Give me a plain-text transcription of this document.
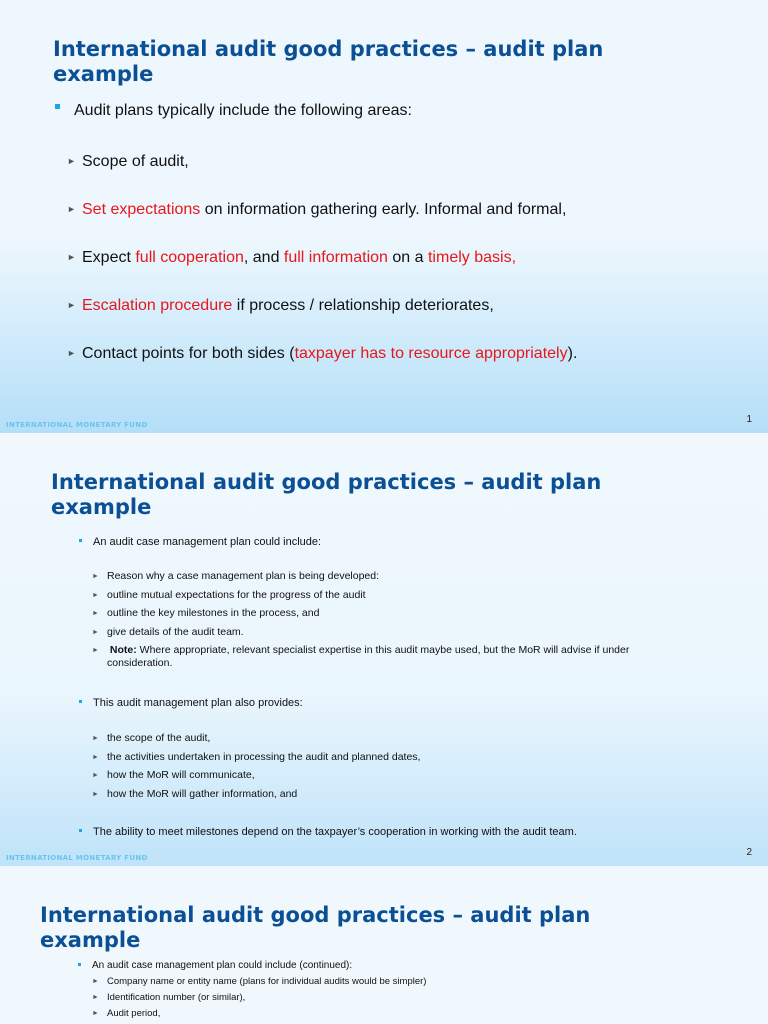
International audit good practices – audit plan
example
Audit plans typically include the following areas:
► Scope of audit,
► Set expectations on information gathering early. Informal and formal,
► Expect full cooperation, and full information on a timely basis,
► Escalation procedure if process / relationship deteriorates,
► Contact points for both sides (taxpayer has to resource appropriately).
INTERNATIONAL MONETARY FUND	1
International audit good practices – audit plan
example
An audit case management plan could include:
► Reason why a case management plan is being developed:
► outline mutual expectations for the progress of the audit
► outline the key milestones in the process, and
► give details of the audit team.
► Note: Where appropriate, relevant specialist expertise in this audit maybe used, but the MoR will advise if under consideration.
This audit management plan also provides:
► the scope of the audit,
► the activities undertaken in processing the audit and planned dates,
► how the MoR will communicate,
► how the MoR will gather information, and
The ability to meet milestones depend on the taxpayer’s cooperation in working with the audit team.
INTERNATIONAL MONETARY FUND	2
International audit good practices – audit plan
example
An audit case management plan could include (continued):
► Company name or entity name (plans for individual audits would be simpler)
► Identification number (or similar),
► Audit period,
